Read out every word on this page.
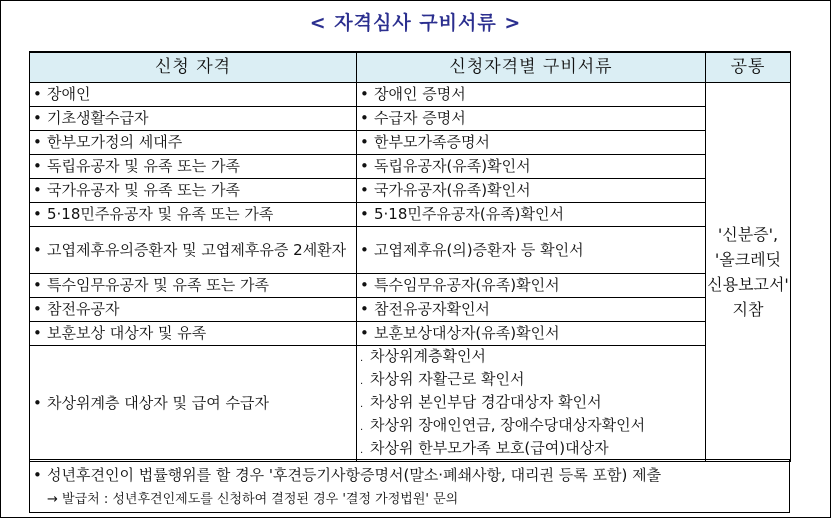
< 자격심사 구비서류 >
신청 자격	신청자격별 구비서류	공통
• 장애인	• 장애인 증명서	'신분증',
'올크레딧
신용보고서'
지참

• 기초생활수급자	• 수급자 증명서	
• 한부모가정의 세대주	• 한부모가족증명서	
• 독립유공자 및 유족 또는 가족	• 독립유공자(유족)확인서	
• 국가유공자 및 유족 또는 가족	• 국가유공자(유족)확인서	
• 5·18민주유공자 및 유족 또는 가족	• 5·18민주유공자(유족)확인서	

• 고엽제후유의증환자 및 고엽제후유증 2세환자	• 고엽제후유(의)증환자 등 확인서	
• 특수임무유공자 및 유족 또는 가족	• 특수임무유공자(유족)확인서	
• 참전유공자	• 참전유공자확인서	
• 보훈보상 대상자 및 유족	• 보훈보상대상자(유족)확인서	
• 차상위계층 대상자 및 급여 수급자	. 차상위계층확인서
. 차상위 자활근로 확인서
. 차상위 본인부담 경감대상자 확인서
. 차상위 장애인연금, 장애수당대상자확인서
. 차상위 한부모가족 보호(급여)대상자	
• 성년후견인이 법률행위를 할 경우 '후견등기사항증명서(말소·폐쇄사항, 대리권 등록 포함) 제출
→ 발급처 : 성년후견인제도를 신청하여 결정된 경우 '결정 가정법원' 문의
